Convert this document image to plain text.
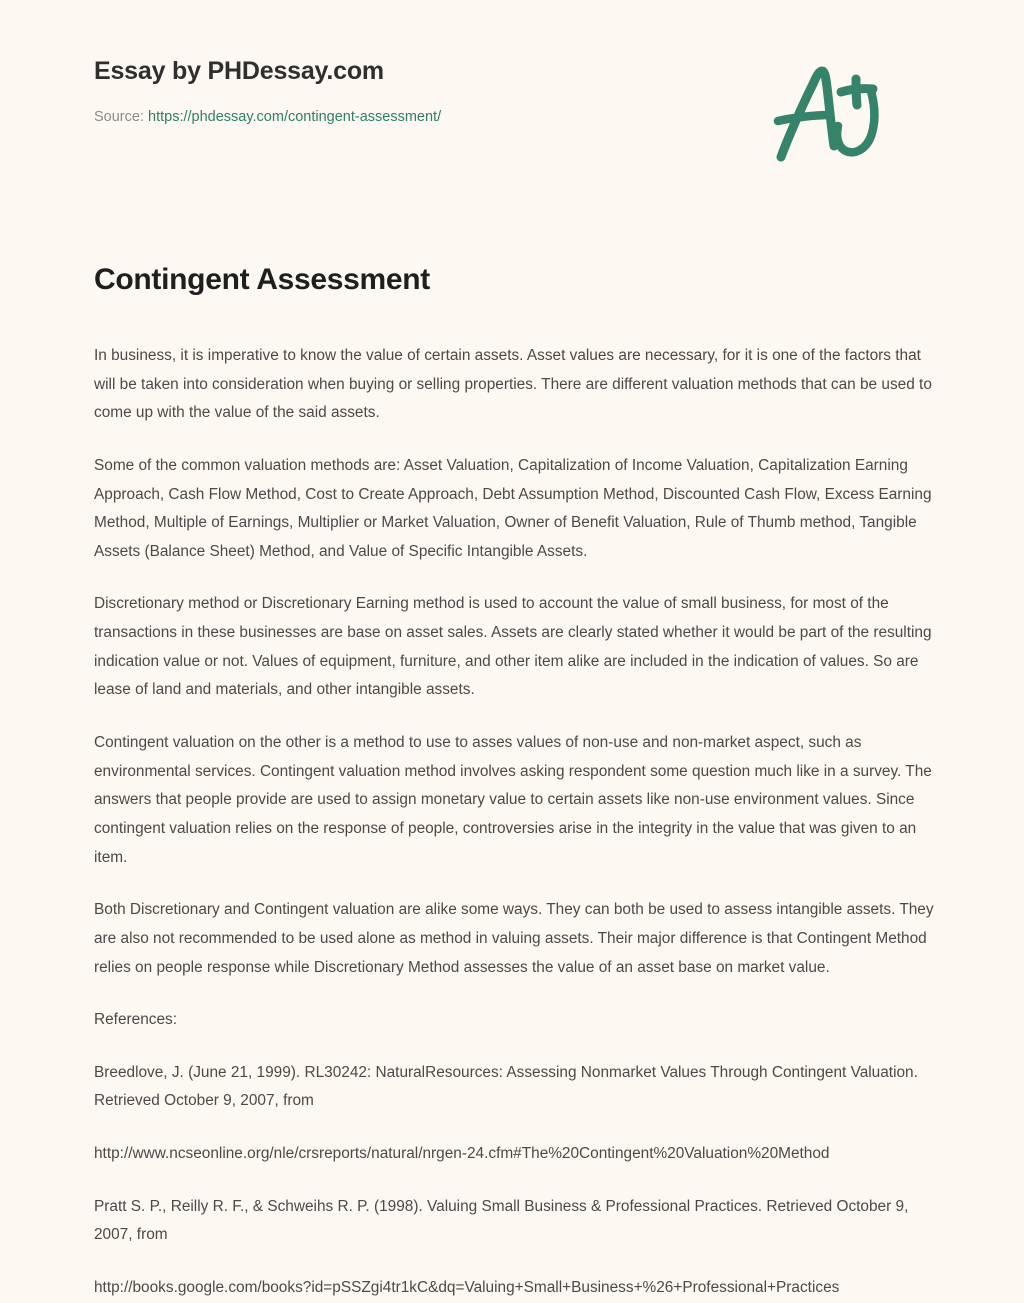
Essay by PHDessay.com
Source: https://phdessay.com/contingent-assessment/
Contingent Assessment

In business, it is imperative to know the value of certain assets. Asset values are necessary, for it is one of the factors that will be taken into consideration when buying or selling properties. There are different valuation methods that can be used to come up with the value of the said assets.

Some of the common valuation methods are: Asset Valuation, Capitalization of Income Valuation, Capitalization Earning Approach, Cash Flow Method, Cost to Create Approach, Debt Assumption Method, Discounted Cash Flow, Excess Earning Method, Multiple of Earnings, Multiplier or Market Valuation, Owner of Benefit Valuation, Rule of Thumb method, Tangible Assets (Balance Sheet) Method, and Value of Specific Intangible Assets.

Discretionary method or Discretionary Earning method is used to account the value of small business, for most of the transactions in these businesses are base on asset sales. Assets are clearly stated whether it would be part of the resulting indication value or not. Values of equipment, furniture, and other item alike are included in the indication of values. So are lease of land and materials, and other intangible assets.

Contingent valuation on the other is a method to use to asses values of non-use and non-market aspect, such as environmental services. Contingent valuation method involves asking respondent some question much like in a survey. The answers that people provide are used to assign monetary value to certain assets like non-use environment values. Since contingent valuation relies on the response of people, controversies arise in the integrity in the value that was given to an item.

Both Discretionary and Contingent valuation are alike some ways. They can both be used to assess intangible assets. They are also not recommended to be used alone as method in valuing assets. Their major difference is that Contingent Method relies on people response while Discretionary Method assesses the value of an asset base on market value.

References:

Breedlove, J. (June 21, 1999). RL30242: NaturalResources: Assessing Nonmarket Values Through Contingent Valuation. Retrieved October 9, 2007, from

http://www.ncseonline.org/nle/crsreports/natural/nrgen-24.cfm#The%20Contingent%20Valuation%20Method

Pratt S. P., Reilly R. F., & Schweihs R. P. (1998). Valuing Small Business & Professional Practices. Retrieved October 9, 2007, from

http://books.google.com/books?id=pSSZgi4tr1kC&dq=Valuing+Small+Business+%26+Professional+Practices
